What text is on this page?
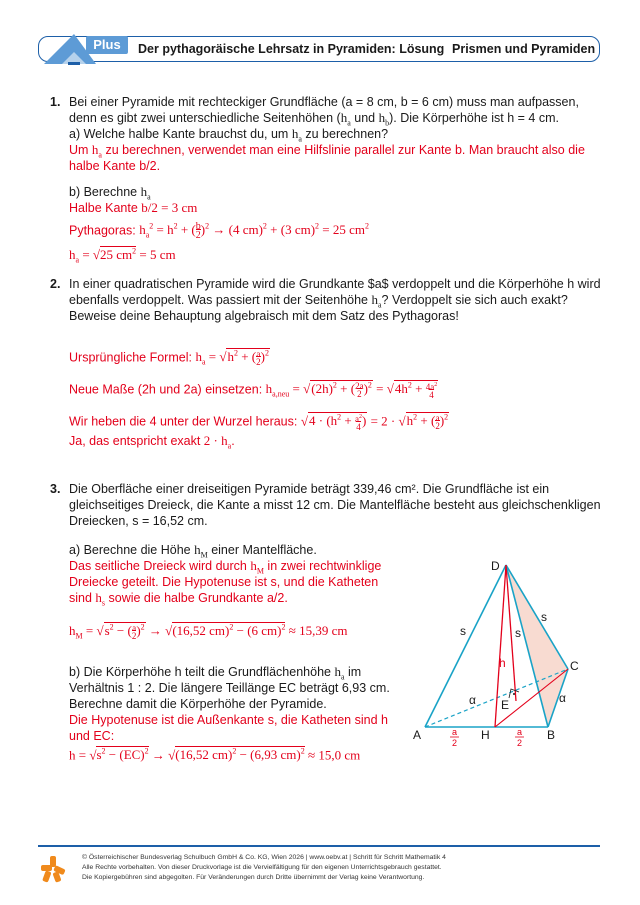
Plus	Der pythagoräische Lehrsatz in Pyramiden: Lösung Prismen und Pyramiden
1. Bei einer Pyramide mit rechteckiger Grundfläche (a = 8 cm, b = 6 cm) muss man aufpassen,
denn es gibt zwei unterschiedliche Seitenhöhen ($h_a$ und $h_b$). Die Körperhöhe ist h = 4 cm.
a) Welche halbe Kante brauchst du, um $h_a$ zu berechnen?
Um $h_a$ zu berechnen, verwendet man eine Hilfslinie parallel zur Kante b. Man braucht also die
halbe Kante b/2.
b) Berechne $h_a$
Halbe Kante b/2 = 3 cm
Pythagoras: $h_a^2 = h^2 + (b$
2)$^2$ → (4 cm)$^2$ + (3 cm)$^2$ = 25 $cm^2$
$h_a = √25$ $cm^2 = 5$ cm
2. In einer quadratischen Pyramide wird die Grundkante $a$ verdoppelt und die Körperhöhe h wird
ebenfalls verdoppelt. Was passiert mit der Seitenhöhe $h_a$? Verdoppelt sie sich auch exakt?
Beweise deine Behauptung algebraisch mit dem Satz des Pythagoras!
Ursprüngliche Formel: $h_a = √h^2 + (a$
2)$^2$
Neue Maße (2h und 2a) einsetzen: $h_{a,neu} = √(2h)^2 + (2a$
2 )$^2 = √4h^2 + 4a^2$
4
Wir heben die 4 unter der Wurzel heraus: $√4 \cdot (h^2 + a^2$
$4) = 2 \cdot √h^2 + (a$
2)$^2$
Ja, das entspricht exakt $2 \cdot h_a$.
3. Die Oberfläche einer dreiseitigen Pyramide beträgt 339,46 cm². Die Grundfläche ist ein
gleichseitiges Dreieck, die Kante a misst 12 cm. Die Mantelfläche besteht aus gleichschenkligen
Dreiecken, s = 16,52 cm.
a) Berechne die Höhe $h_M$ einer Mantelfläche.
Das seitliche Dreieck wird durch $h_M$ in zwei rechtwinklige
Dreiecke geteilt. Die Hypotenuse ist s, und die Katheten
sind $h_s$ sowie die halbe Grundkante a/2.
$h_M = √s^2 - (a$
2)$^2$ → √(16,52 cm)$^2$ − (6 cm)$^2$ ≈ 15,39 cm
b) Die Körperhöhe h teilt die Grundflächenhöhe $h_a$ im
Verhältnis 1 : 2. Die längere Teillänge EC beträgt 6,93 cm.
Berechne damit die Körperhöhe der Pyramide.
Die Hypotenuse ist die Außenkante s, die Katheten sind h
und EC:
$h = √s^2 - (EC)^2 \to √(16,52$ cm)$^2$ − (6,93 cm)$^2$ ≈ 15,0 cm
D
A	H	B
C
E
h
s	s
s
α	α
a
2
a
2
© Österreichischer Bundesverlag Schulbuch GmbH & Co. KG, Wien 2026 | www.oebv.at | Schritt für Schritt Mathematik 4
Alle Rechte vorbehalten. Von dieser Druckvorlage ist die Vervielfältigung für den eigenen Unterrichtsgebrauch gestattet.
Die Kopiergebühren sind abgegolten. Für Veränderungen durch Dritte übernimmt der Verlag keine Verantwortung.
